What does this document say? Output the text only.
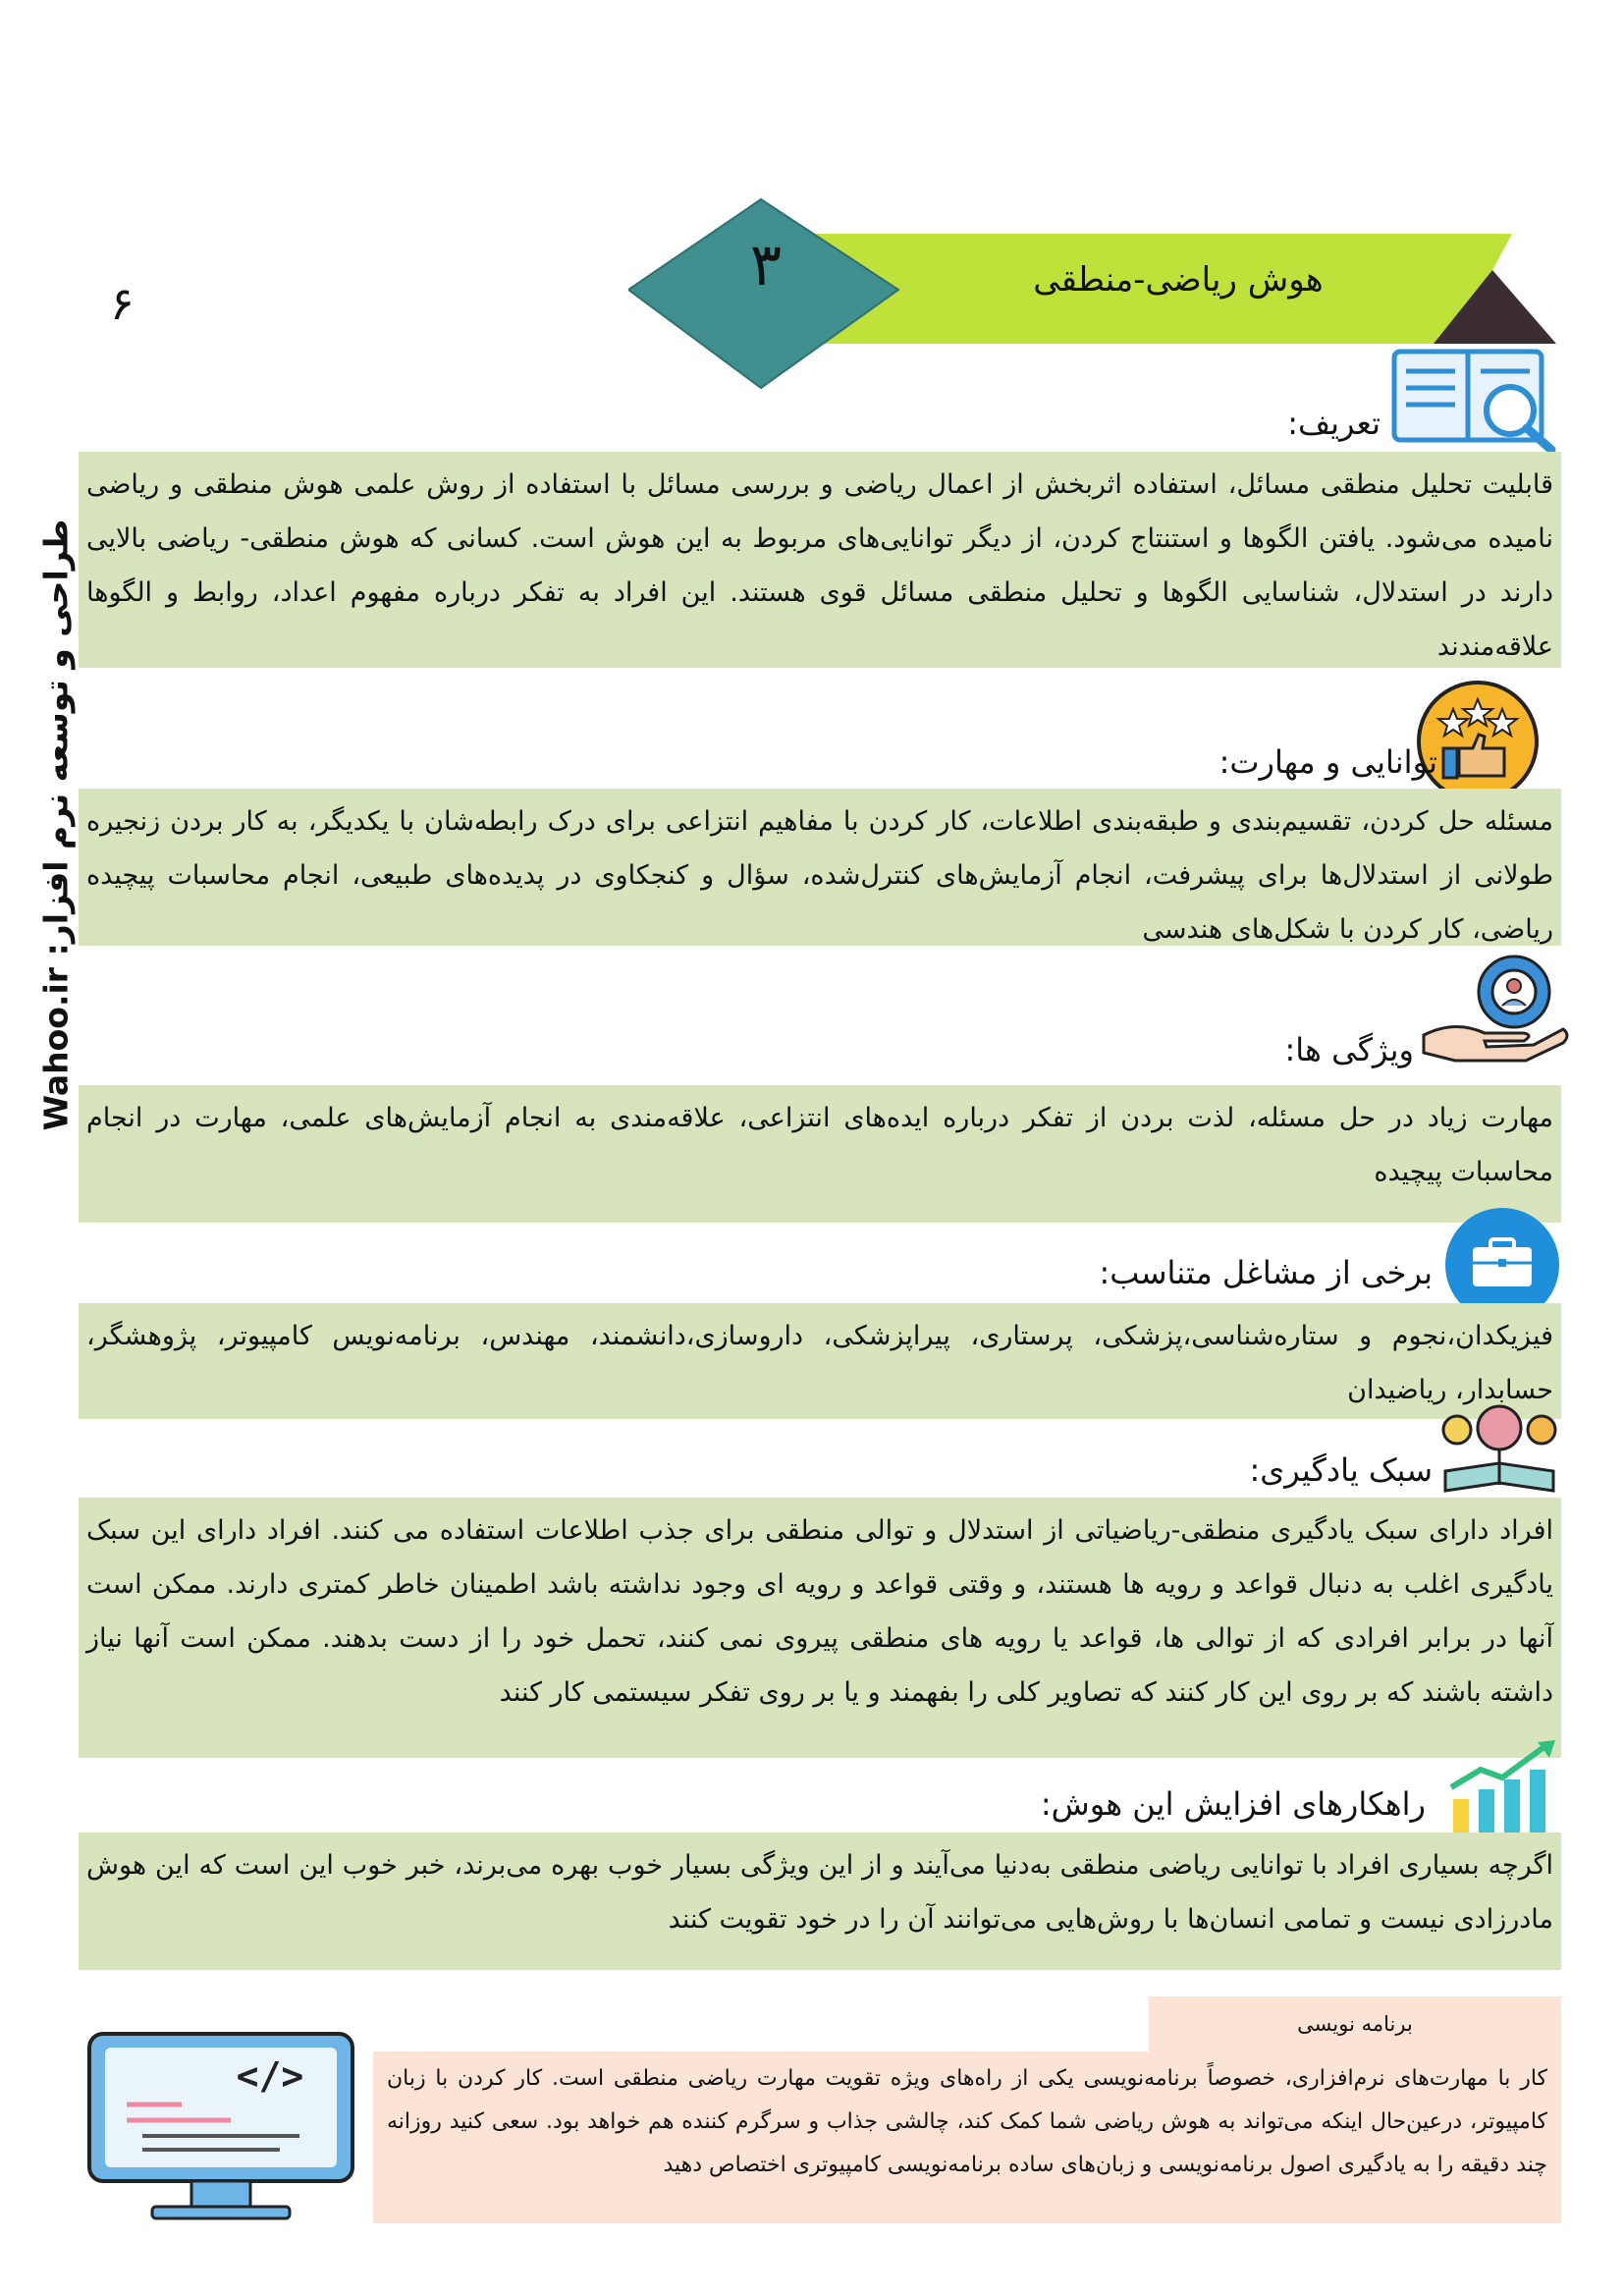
۶
طراحی و توسعه نرم افزار: Wahoo.ir
۳	هوش ریاضی-منطقی
تعریف:
قابلیت تحلیل منطقی مسائل، استفاده اثربخش از اعمال ریاضی و بررسی مسائل با استفاده از روش علمی هوش منطقی و ریاضی نامیده می‌شود. یافتن الگوها و استنتاج کردن، از دیگر توانایی‌های مربوط به این هوش است. کسانی که هوش منطقی- ریاضی بالایی دارند در استدلال، شناسایی الگوها و تحلیل منطقی مسائل قوی هستند. این افراد به تفکر درباره مفهوم اعداد، روابط و الگوها علاقه‌مندند
توانایی و مهارت:
مسئله حل کردن، تقسیم‌بندی و طبقه‌بندی اطلاعات، کار کردن با مفاهیم انتزاعی برای درک رابطه‌شان با یکدیگر، به کار بردن زنجیره طولانی از استدلال‌ها برای پیشرفت، انجام آزمایش‌های کنترل‌شده، سؤال و کنجکاوی در پدیده‌های طبیعی، انجام محاسبات پیچیده ریاضی، کار کردن با شکل‌های هندسی
ویژگی ها:
مهارت زیاد در حل مسئله، لذت بردن از تفکر درباره ایده‌های انتزاعی، علاقه‌مندی به انجام آزمایش‌های علمی، مهارت در انجام محاسبات پیچیده
برخی از مشاغل متناسب:
فیزیکدان،نجوم و ستاره‌شناسی،پزشکی، پرستاری، پیراپزشکی، داروسازی،دانشمند، مهندس، برنامه‌نویس کامپیوتر، پژوهشگر، حسابدار، ریاضیدان
سبک یادگیری:
افراد دارای سبک یادگیری منطقی-ریاضیاتی از استدلال و توالی منطقی برای جذب اطلاعات استفاده می کنند. افراد دارای این سبک یادگیری اغلب به دنبال قواعد و رویه ها هستند، و وقتی قواعد و رویه ای وجود نداشته باشد اطمینان خاطر کمتری دارند. ممکن است آنها در برابر افرادی که از توالی ها، قواعد یا رویه های منطقی پیروی نمی کنند، تحمل خود را از دست بدهند. ممکن است آنها نیاز داشته باشند که بر روی این کار کنند که تصاویر کلی را بفهمند و یا بر روی تفکر سیستمی کار کنند
راهکارهای افزایش این هوش:
اگرچه بسیاری افراد با توانایی ریاضی منطقی به‌دنیا می‌آیند و از این ویژگی بسیار خوب بهره می‌برند، خبر خوب این است که این هوش مادرزادی نیست و تمامی انسان‌ها با روش‌هایی می‌توانند آن را در خود تقویت کنند
برنامه نویسی
کار با مهارت‌های نرم‌افزاری، خصوصاً برنامه‌نویسی یکی از راه‌های ویژه تقویت مهارت ریاضی منطقی است. کار کردن با زبان کامپیوتر، درعین‌حال اینکه می‌تواند به هوش ریاضی شما کمک کند، چالشی جذاب و سرگرم کننده هم خواهد بود. سعی کنید روزانه چند دقیقه را به یادگیری اصول برنامه‌نویسی و زبان‌های ساده برنامه‌نویسی کامپیوتری اختصاص دهید
</>
